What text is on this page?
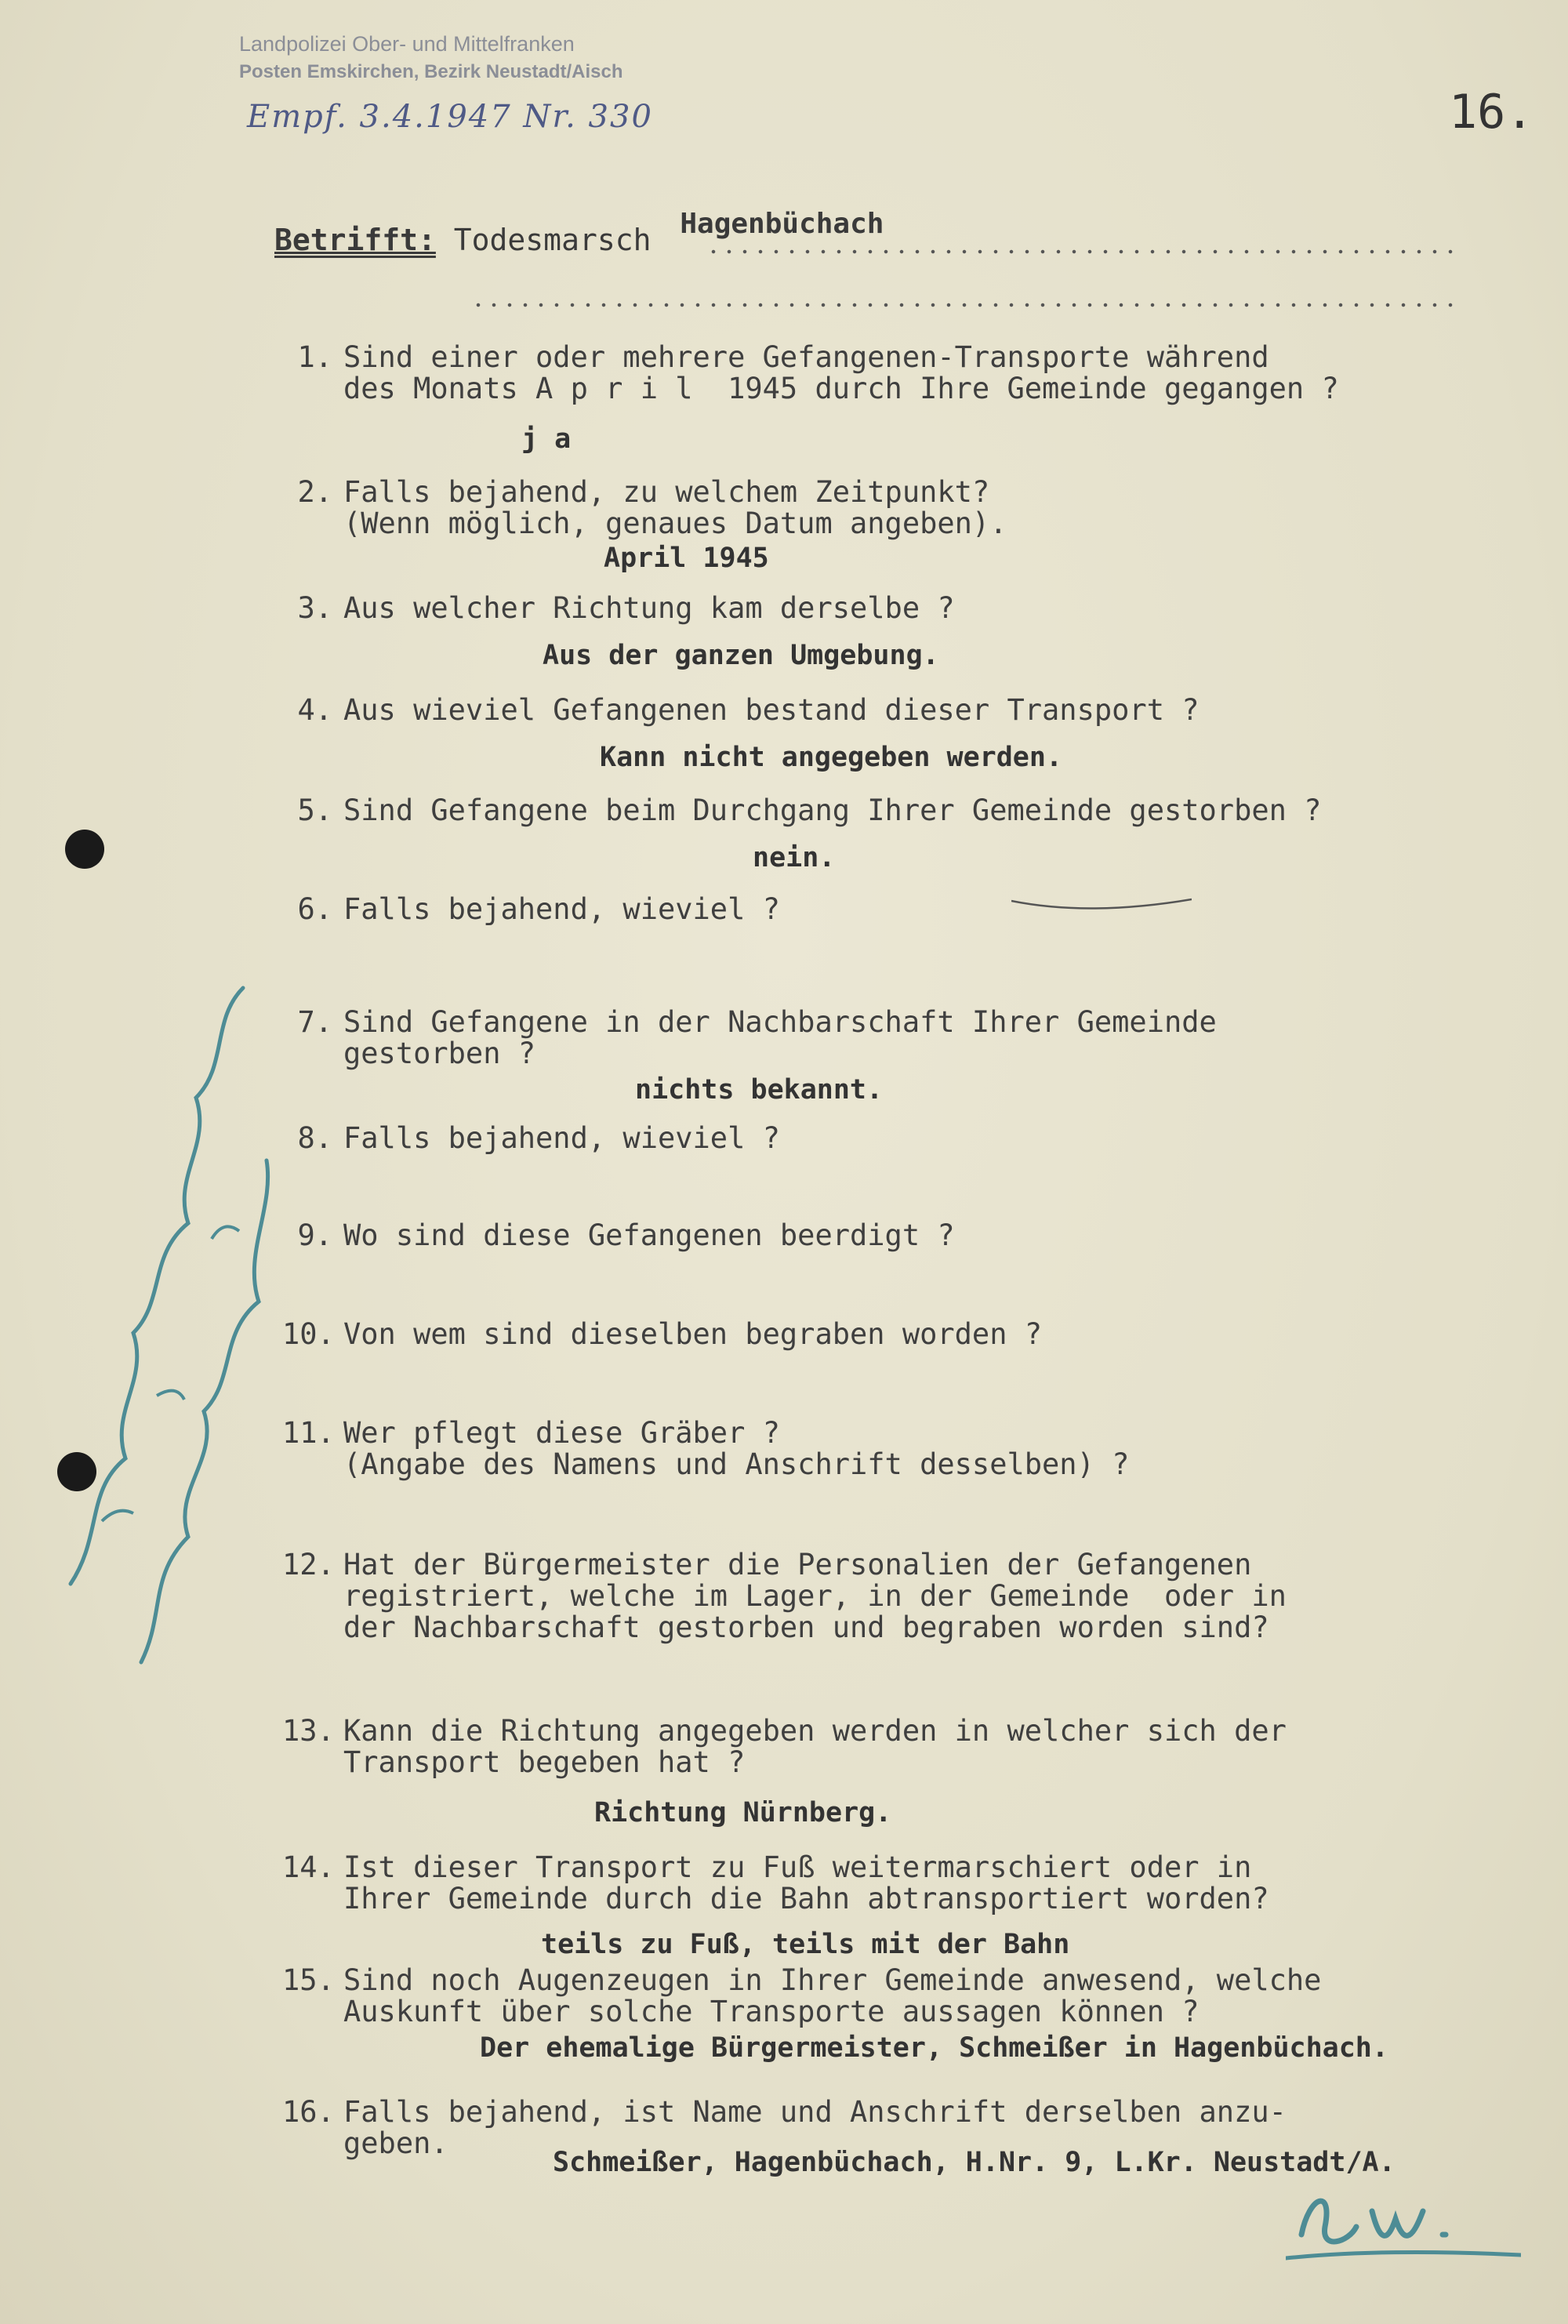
Landpolizei Ober- und Mittelfranken
Posten Emskirchen, Bezirk Neustadt/Aisch
Empf. 3.4.1947 Nr. 330	16.
Betrifft: Todesmarsch Hagenbüchach
1. Sind einer oder mehrere Gefangenen-Transporte während
des Monats A p r i l  1945 durch Ihre Gemeinde gegangen ?
j a
2. Falls bejahend, zu welchem Zeitpunkt?
(Wenn möglich, genaues Datum angeben).
April 1945
3. Aus welcher Richtung kam derselbe ?
Aus der ganzen Umgebung.
4. Aus wieviel Gefangenen bestand dieser Transport ?
Kann nicht angegeben werden.
5. Sind Gefangene beim Durchgang Ihrer Gemeinde gestorben ?
nein.
6. Falls bejahend, wieviel ?
7. Sind Gefangene in der Nachbarschaft Ihrer Gemeinde
gestorben ?
nichts bekannt.
8. Falls bejahend, wieviel ?
9. Wo sind diese Gefangenen beerdigt ?
10. Von wem sind dieselben begraben worden ?
11. Wer pflegt diese Gräber ?
(Angabe des Namens und Anschrift desselben) ?
12. Hat der Bürgermeister die Personalien der Gefangenen
registriert, welche im Lager, in der Gemeinde  oder in
der Nachbarschaft gestorben und begraben worden sind?
13. Kann die Richtung angegeben werden in welcher sich der
Transport begeben hat ?
Richtung Nürnberg.
14. Ist dieser Transport zu Fuß weitermarschiert oder in
Ihrer Gemeinde durch die Bahn abtransportiert worden?
teils zu Fuß, teils mit der Bahn
15. Sind noch Augenzeugen in Ihrer Gemeinde anwesend, welche
Auskunft über solche Transporte aussagen können ?
Der ehemalige Bürgermeister, Schmeißer in Hagenbüchach.
16. Falls bejahend, ist Name und Anschrift derselben anzu-
geben.
Schmeißer, Hagenbüchach, H.Nr. 9, L.Kr. Neustadt/A.
